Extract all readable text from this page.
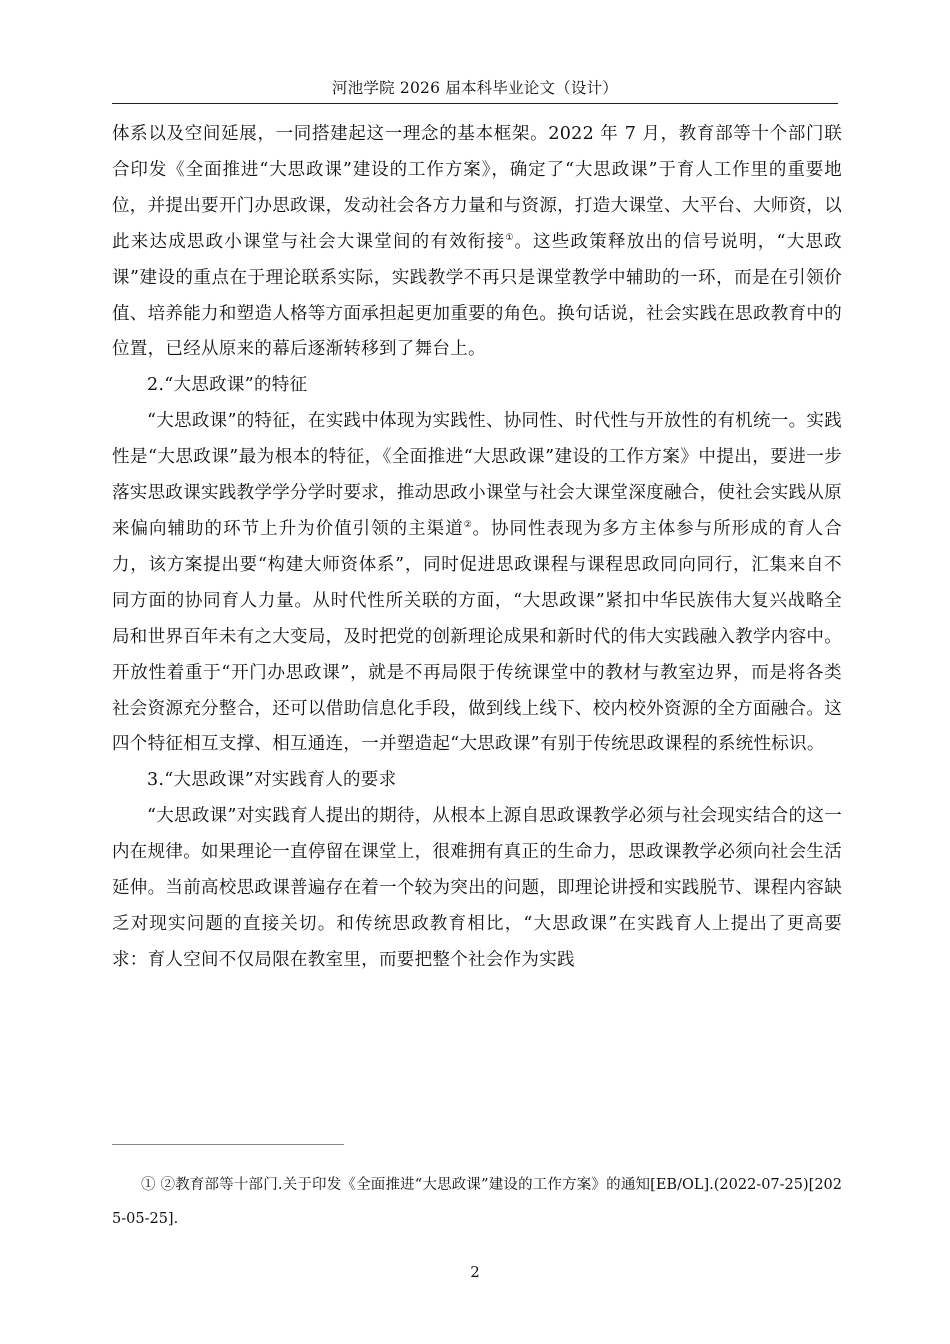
河池学院 2026 届本科毕业论文（设计）

体系以及空间延展，一同搭建起这一理念的基本框架。2022 年 7 月，教育部等十个部门联合印发《全面推进“大思政课”建设的工作方案》，确定了“大思政课”于育人工作里的重要地位，并提出要开门办思政课，发动社会各方力量和与资源，打造大课堂、大平台、大师资，以此来达成思政小课堂与社会大课堂间的有效衔接①。这些政策释放出的信号说明，“大思政课”建设的重点在于理论联系实际，实践教学不再只是课堂教学中辅助的一环，而是在引领价值、培养能力和塑造人格等方面承担起更加重要的角色。换句话说，社会实践在思政教育中的位置，已经从原来的幕后逐渐转移到了舞台上。

2.“大思政课”的特征

“大思政课”的特征，在实践中体现为实践性、协同性、时代性与开放性的有机统一。实践性是“大思政课”最为根本的特征，《全面推进“大思政课”建设的工作方案》中提出，要进一步落实思政课实践教学学分学时要求，推动思政小课堂与社会大课堂深度融合，使社会实践从原来偏向辅助的环节上升为价值引领的主渠道②。协同性表现为多方主体参与所形成的育人合力，该方案提出要“构建大师资体系”，同时促进思政课程与课程思政同向同行，汇集来自不同方面的协同育人力量。从时代性所关联的方面，“大思政课”紧扣中华民族伟大复兴战略全局和世界百年未有之大变局，及时把党的创新理论成果和新时代的伟大实践融入教学内容中。开放性着重于“开门办思政课”，就是不再局限于传统课堂中的教材与教室边界，而是将各类社会资源充分整合，还可以借助信息化手段，做到线上线下、校内校外资源的全方面融合。这四个特征相互支撑、相互通连，一并塑造起“大思政课”有别于传统思政课程的系统性标识。

3.“大思政课”对实践育人的要求

“大思政课”对实践育人提出的期待，从根本上源自思政课教学必须与社会现实结合的这一内在规律。如果理论一直停留在课堂上，很难拥有真正的生命力，思政课教学必须向社会生活延伸。当前高校思政课普遍存在着一个较为突出的问题，即理论讲授和实践脱节、课程内容缺乏对现实问题的直接关切。和传统思政教育相比，“大思政课”在实践育人上提出了更高要求：育人空间不仅局限在教室里，而要把整个社会作为实践

① ②教育部等十部门.关于印发《全面推进“大思政课”建设的工作方案》的通知[EB/OL].(2022-07-25)[2025-05-25].
2
